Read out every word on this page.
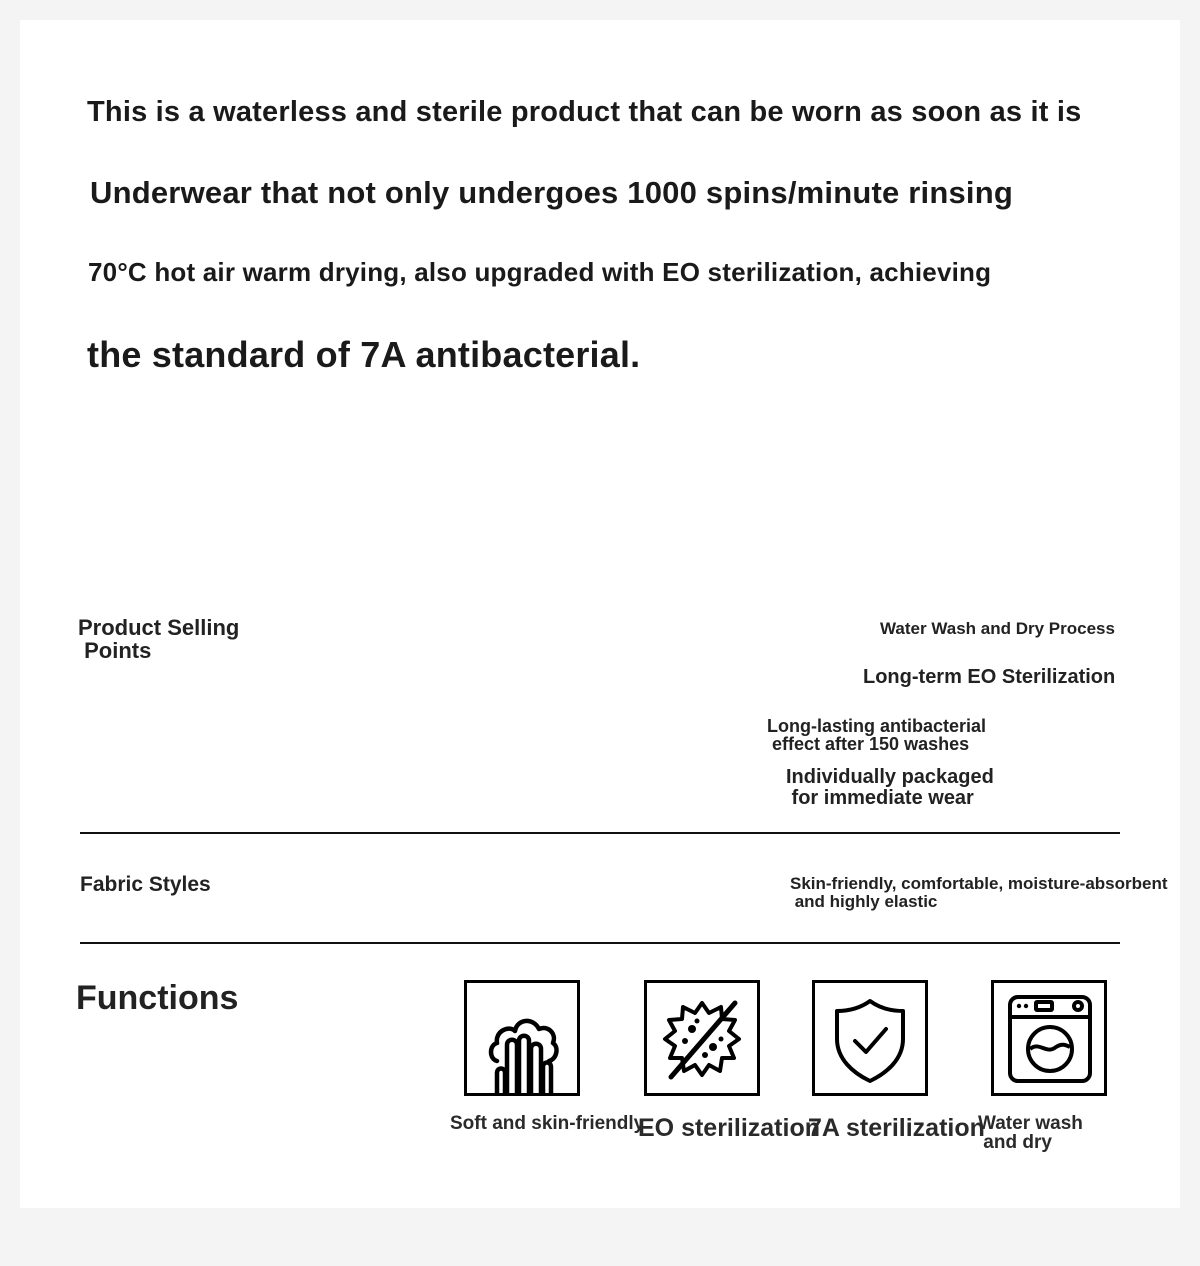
This is a waterless and sterile product that can be worn as soon as it is
Underwear that not only undergoes 1000 spins/minute rinsing
70°C hot air warm drying, also upgraded with EO sterilization, achieving
the standard of 7A antibacterial.
Product Selling
Points
Water Wash and Dry Process
Long-term EO Sterilization
Long-lasting antibacterial
effect after 150 washes
Individually packaged
for immediate wear
Fabric Styles	Skin-friendly, comfortable, moisture-absorbent
and highly elastic
Functions
Soft and skin-friendly
EO sterilization
7A sterilization
Water wash
and dry
